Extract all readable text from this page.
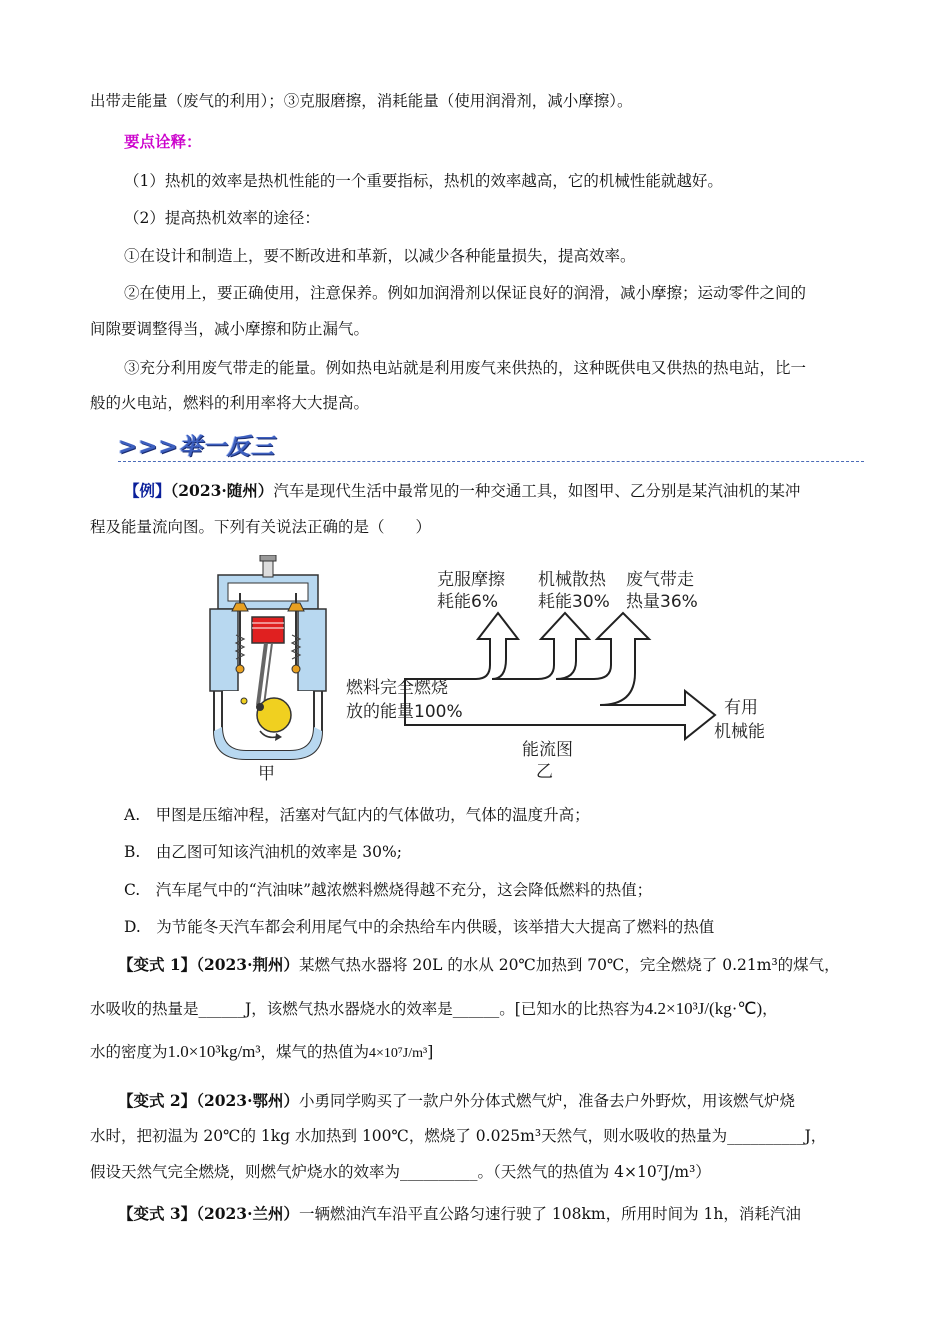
出带走能量（废气的利用）；③克服磨擦，消耗能量（使用润滑剂，减小摩擦）。
要点诠释：
（1）热机的效率是热机性能的一个重要指标，热机的效率越高，它的机械性能就越好。
（2）提高热机效率的途径：
①在设计和制造上，要不断改进和革新，以减少各种能量损失，提高效率。
②在使用上，要正确使用，注意保养。例如加润滑剂以保证良好的润滑，减小摩擦；运动零件之间的
间隙要调整得当，减小摩擦和防止漏气。
③充分利用废气带走的能量。例如热电站就是利用废气来供热的，这种既供电又供热的热电站，比一
般的火电站，燃料的利用率将大大提高。
>>>举一反三
【例】（2023·随州）汽车是现代生活中最常见的一种交通工具，如图甲、乙分别是某汽油机的某冲
程及能量流向图。下列有关说法正确的是（　　）
甲
克服摩擦
耗能6%
机械散热
耗能30%
废气带走
热量36%
燃料完全燃烧
放的能量100%	有用
机械能
能流图
乙
A.　甲图是压缩冲程，活塞对气缸内的气体做功，气体的温度升高；
B.　由乙图可知该汽油机的效率是 30%;
C.　汽车尾气中的“汽油味”越浓燃料燃烧得越不充分，这会降低燃料的热值；
D.　为节能冬天汽车都会利用尾气中的余热给车内供暖，该举措大大提高了燃料的热值
【变式 1】（2023·荆州）某燃气热水器将 20L 的水从 20℃加热到 70℃，完全燃烧了 0.21m³的煤气，
水吸收的热量是______J，该燃气热水器烧水的效率是______。[已知水的比热容为4.2×10³J/(kg·℃)，
水的密度为1.0×10³kg/m³，煤气的热值为4×10⁷J/m³]
【变式 2】（2023·鄂州）小勇同学购买了一款户外分体式燃气炉，准备去户外野炊，用该燃气炉烧
水时，把初温为 20℃的 1kg 水加热到 100℃，燃烧了 0.025m³天然气，则水吸收的热量为__________J，
假设天然气完全燃烧，则燃气炉烧水的效率为__________。（天然气的热值为 4×10⁷J/m³）
【变式 3】（2023·兰州）一辆燃油汽车沿平直公路匀速行驶了 108km，所用时间为 1h，消耗汽油
